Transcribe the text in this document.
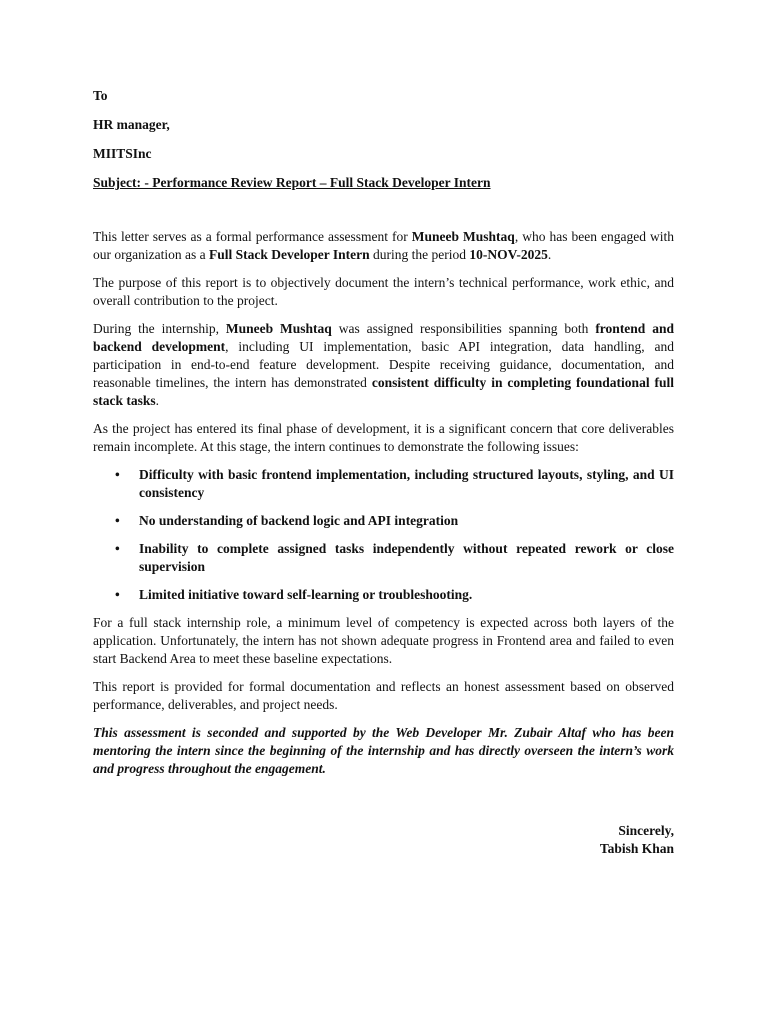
To
HR manager,
MIITSInc
Subject: - Performance Review Report – Full Stack Developer Intern

This letter serves as a formal performance assessment for Muneeb Mushtaq, who has been engaged with our organization as a Full Stack Developer Intern during the period 10-NOV-2025.

The purpose of this report is to objectively document the intern’s technical performance, work ethic, and overall contribution to the project.

During the internship, Muneeb Mushtaq was assigned responsibilities spanning both frontend and backend development, including UI implementation, basic API integration, data handling, and participation in end-to-end feature development. Despite receiving guidance, documentation, and reasonable timelines, the intern has demonstrated consistent difficulty in completing foundational full stack tasks.

As the project has entered its final phase of development, it is a significant concern that core deliverables remain incomplete. At this stage, the intern continues to demonstrate the following issues:

• Difficulty with basic frontend implementation, including structured layouts, styling, and UI consistency
• No understanding of backend logic and API integration
• Inability to complete assigned tasks independently without repeated rework or close supervision
• Limited initiative toward self-learning or troubleshooting.

For a full stack internship role, a minimum level of competency is expected across both layers of the application. Unfortunately, the intern has not shown adequate progress in Frontend area and failed to even start Backend Area to meet these baseline expectations.

This report is provided for formal documentation and reflects an honest assessment based on observed performance, deliverables, and project needs.

This assessment is seconded and supported by the Web Developer Mr. Zubair Altaf who has been mentoring the intern since the beginning of the internship and has directly overseen the intern’s work and progress throughout the engagement.

Sincerely,
Tabish Khan
